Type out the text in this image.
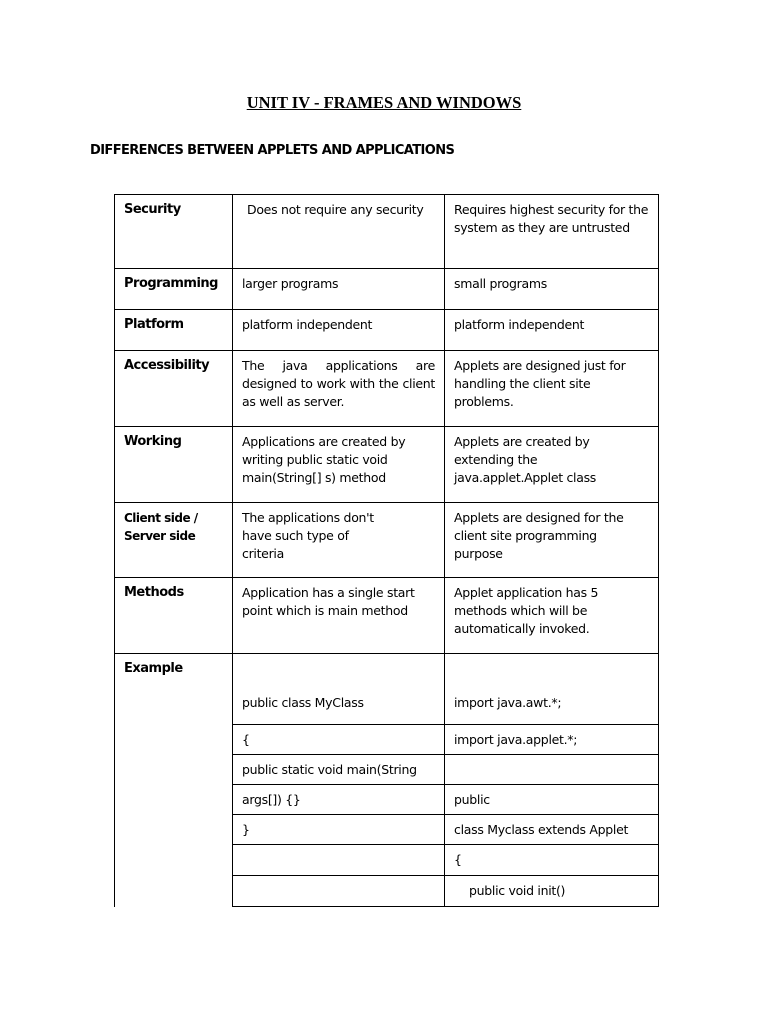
UNIT IV - FRAMES AND WINDOWS
DIFFERENCES BETWEEN APPLETS AND APPLICATIONS
Security	Does not require any security	Requires highest security for the system as they are untrusted
Programming	larger programs	small programs
Platform	platform independent	platform independent
Accessibility	The java applications are designed to work with the client as well as server.	Applets are designed just for handling the client site problems.
Working	Applications are created by writing public static void main(String[] s) method	Applets are created by extending the java.applet.Applet class
Client side / Server side	The applications don't have such type of criteria	Applets are designed for the client site programming purpose
Methods	Application has a single start point which is main method	Applet application has 5 methods which will be automatically invoked.
Example	public class MyClass	import java.awt.*;
	{	import java.applet.*;
	public static void main(String	
	args[]) {}	public
	}	class Myclass extends Applet
		{
		public void init()
